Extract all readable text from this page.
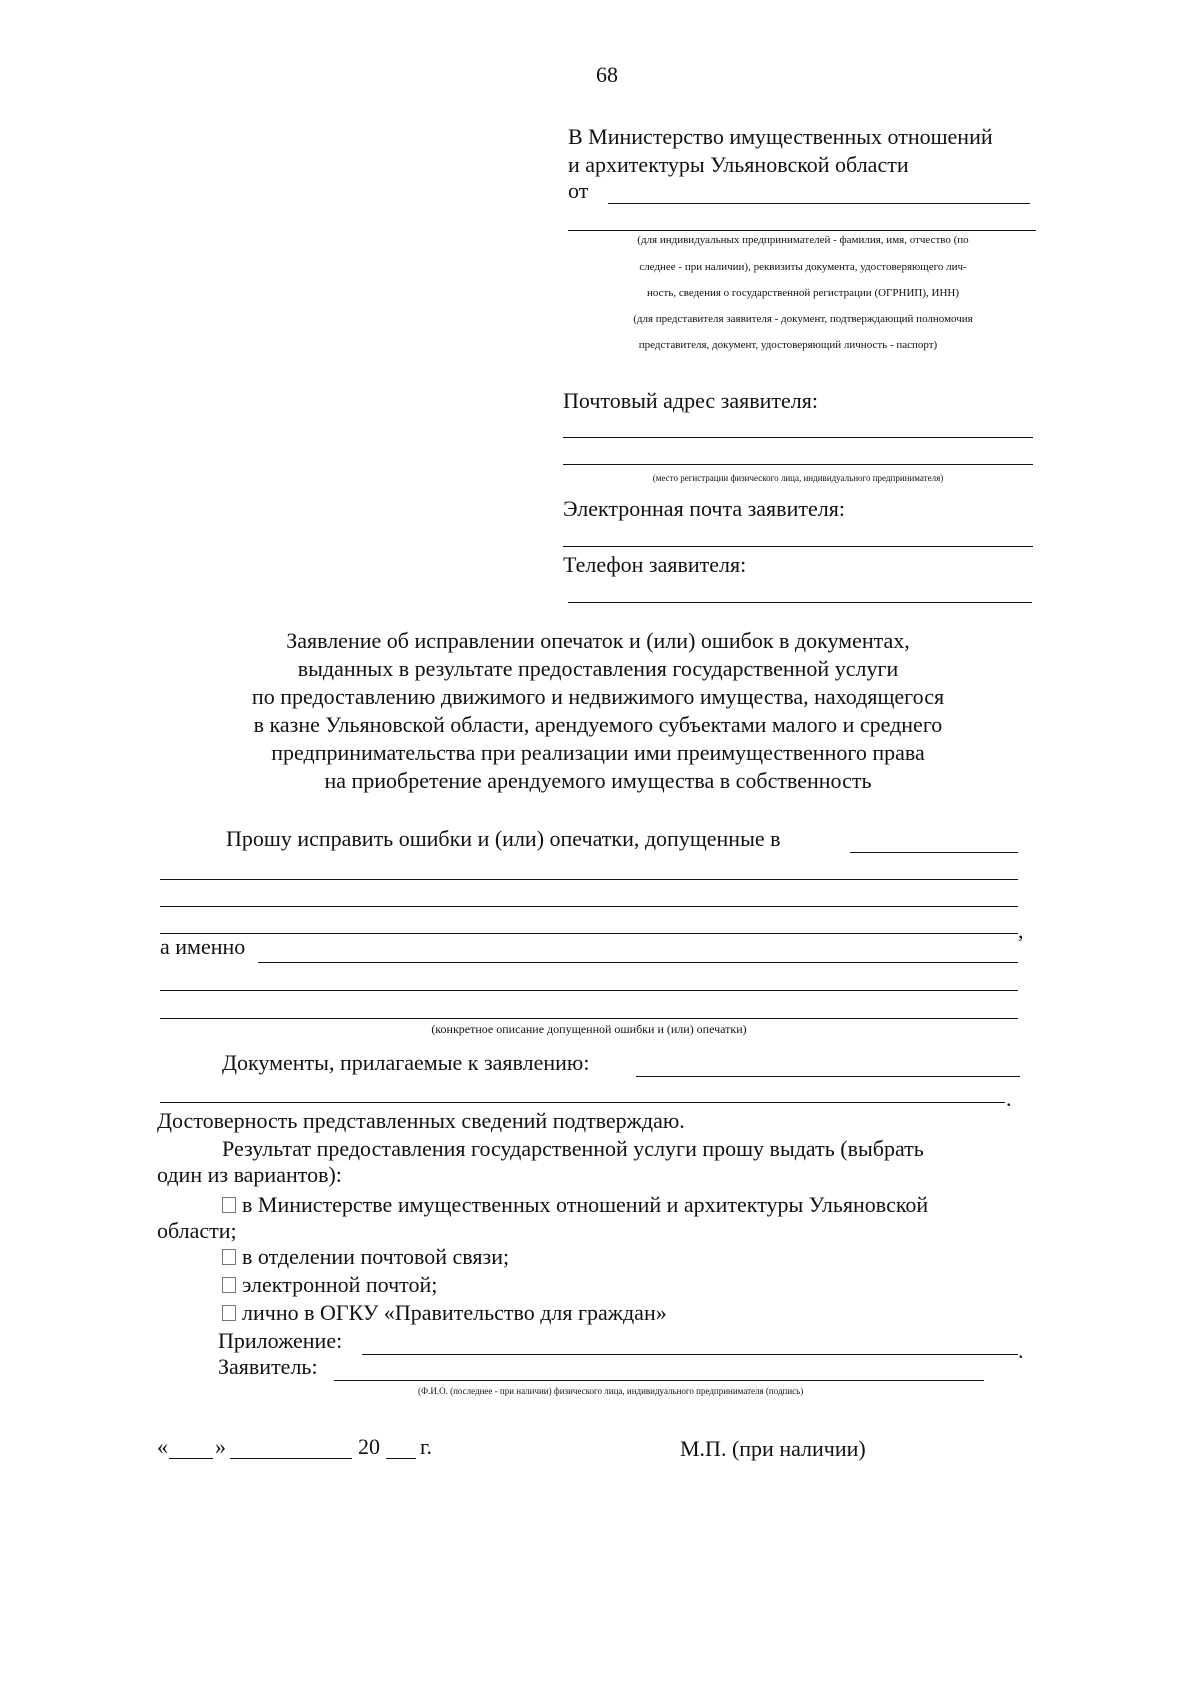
68
В Министерство имущественных отношений
и архитектуры Ульяновской области
от
(для индивидуальных предпринимателей - фамилия, имя, отчество (по
следнее - при наличии), реквизиты документа, удостоверяющего лич-
ность, сведения о государственной регистрации (ОГРНИП), ИНН)
(для представителя заявителя - документ, подтверждающий полномочия
представителя, документ, удостоверяющий личность - паспорт)
Почтовый адрес заявителя:
(место регистрации физического лица, индивидуального предпринимателя)
Электронная почта заявителя:
Телефон заявителя:
Заявление об исправлении опечаток и (или) ошибок в документах,
выданных в результате предоставления государственной услуги
по предоставлению движимого и недвижимого имущества, находящегося
в казне Ульяновской области, арендуемого субъектами малого и среднего
предпринимательства при реализации ими преимущественного права
на приобретение арендуемого имущества в собственность
Прошу исправить ошибки и (или) опечатки, допущенные в
,
а именно
(конкретное описание допущенной ошибки и (или) опечатки)
Документы, прилагаемые к заявлению:
.
Достоверность представленных сведений подтверждаю.
Результат предоставления государственной услуги прошу выдать (выбрать
один из вариантов):
в Министерстве имущественных отношений и архитектуры Ульяновской
области;
в отделении почтовой связи;
электронной почтой;
лично в ОГКУ «Правительство для граждан»
Приложение:	.
Заявитель:
(Ф.И.О. (последнее - при наличии) физического лица, индивидуального предпринимателя (подпись)
« »	20 г.	М.П. (при наличии)
